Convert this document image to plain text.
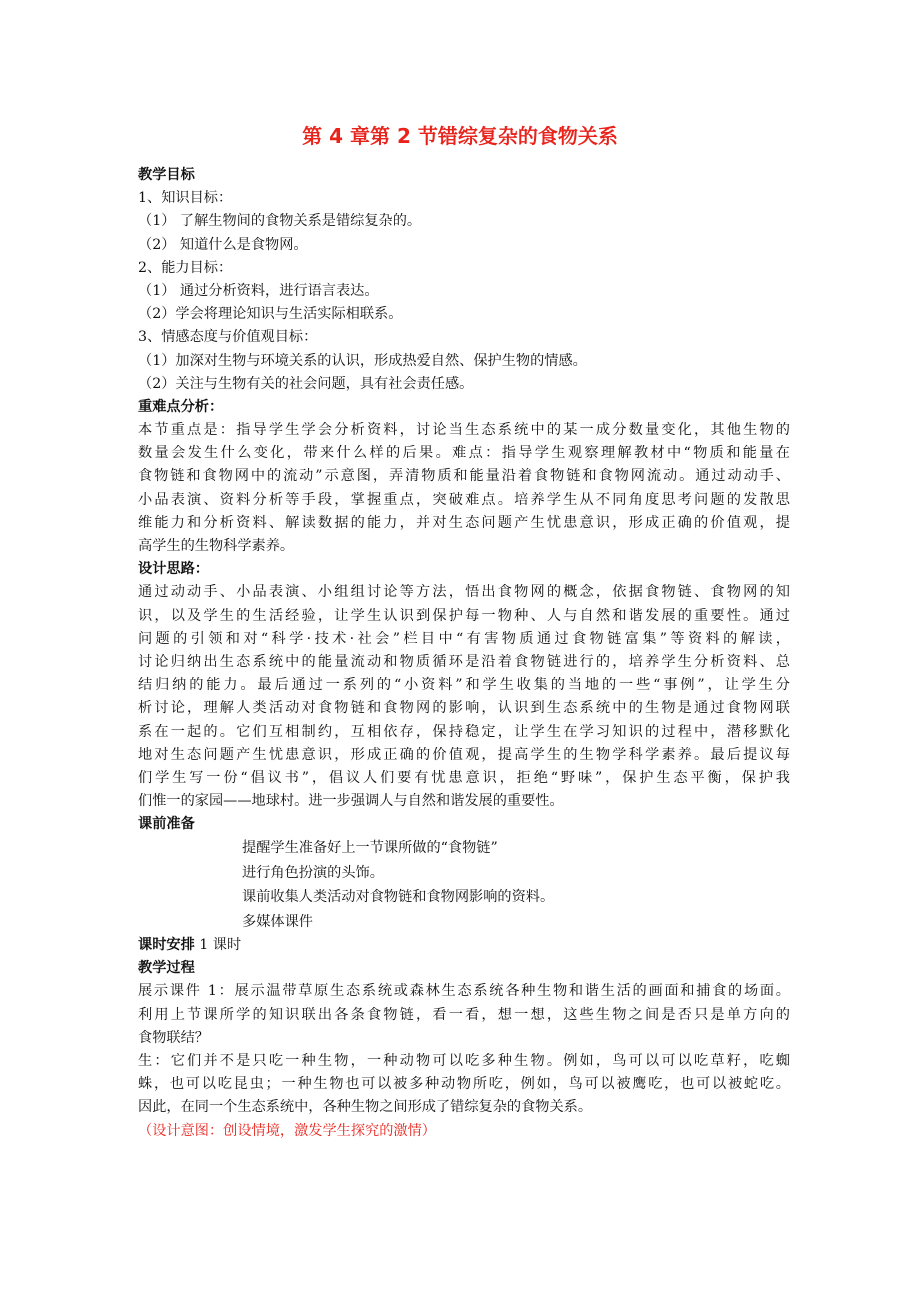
第 4 章第 2 节错综复杂的食物关系
教学目标
1、知识目标：
（1） 了解生物间的食物关系是错综复杂的。
（2） 知道什么是食物网。
2、能力目标：
（1） 通过分析资料，进行语言表达。
（2）学会将理论知识与生活实际相联系。
3、情感态度与价值观目标：
（1）加深对生物与环境关系的认识，形成热爱自然、保护生物的情感。
（2）关注与生物有关的社会问题，具有社会责任感。
重难点分析：
本节重点是：指导学生学会分析资料，讨论当生态系统中的某一成分数量变化，其他生物的
数量会发生什么变化，带来什么样的后果。难点：指导学生观察理解教材中“物质和能量在
食物链和食物网中的流动”示意图，弄清物质和能量沿着食物链和食物网流动。通过动动手、
小品表演、资料分析等手段，掌握重点，突破难点。培养学生从不同角度思考问题的发散思
维能力和分析资料、解读数据的能力，并对生态问题产生忧患意识，形成正确的价值观，提
高学生的生物科学素养。
设计思路：
通过动动手、小品表演、小组组讨论等方法，悟出食物网的概念，依据食物链、食物网的知
识，以及学生的生活经验，让学生认识到保护每一物种、人与自然和谐发展的重要性。通过
问题的引领和对“科学·技术·社会”栏目中“有害物质通过食物链富集”等资料的解读，
讨论归纳出生态系统中的能量流动和物质循环是沿着食物链进行的，培养学生分析资料、总
结归纳的能力。最后通过一系列的“小资料”和学生收集的当地的一些“事例”，让学生分
析讨论，理解人类活动对食物链和食物网的影响，认识到生态系统中的生物是通过食物网联
系在一起的。它们互相制约，互相依存，保持稳定，让学生在学习知识的过程中，潜移默化
地对生态问题产生忧患意识，形成正确的价值观，提高学生的生物学科学素养。最后提议每
们学生写一份“倡议书”，倡议人们要有忧患意识，拒绝“野味”，保护生态平衡，保护我
们惟一的家园——地球村。进一步强调人与自然和谐发展的重要性。
课前准备
提醒学生准备好上一节课所做的“食物链”
进行角色扮演的头饰。
课前收集人类活动对食物链和食物网影响的资料。
多媒体课件
课时安排 1 课时
教学过程
展示课件 1：展示温带草原生态系统或森林生态系统各种生物和谐生活的画面和捕食的场面。
利用上节课所学的知识联出各条食物链，看一看，想一想，这些生物之间是否只是单方向的
食物联结？
生：它们并不是只吃一种生物，一种动物可以吃多种生物。例如，鸟可以可以吃草籽，吃蜘
蛛，也可以吃昆虫；一种生物也可以被多种动物所吃，例如，鸟可以被鹰吃，也可以被蛇吃。
因此，在同一个生态系统中，各种生物之间形成了错综复杂的食物关系。
（设计意图：创设情境，激发学生探究的激情）
